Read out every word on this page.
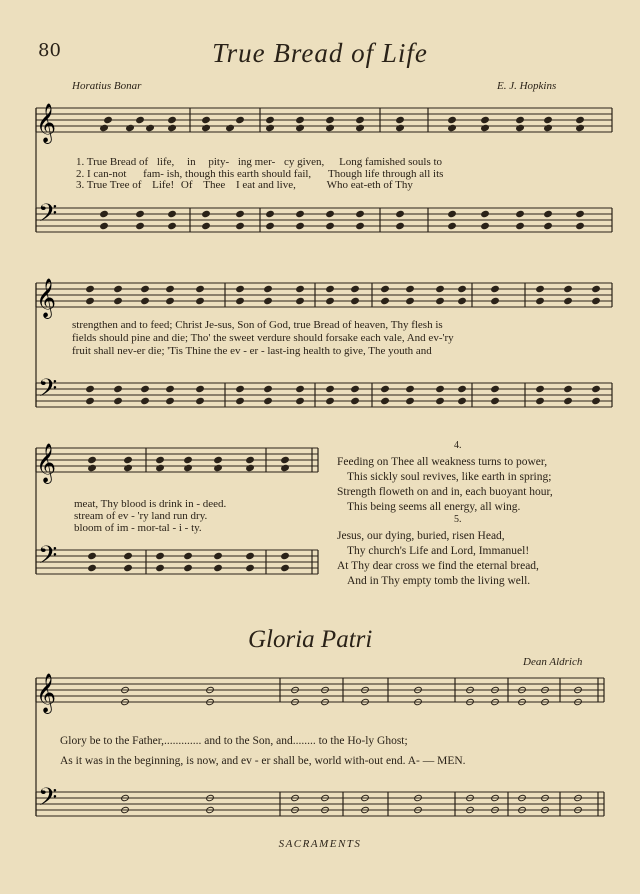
80	True Bread of Life
Horatius Bonar	E. J. Hopkins
𝄞
𝄢
𝄞
𝄢
𝄞
𝄢
𝄞
𝄢
1. True Bread of life, in pity- ing mer- cy given, Long famished souls to
2. I can-not fam- ish, though this earth should fail, Though life through all its
3. True Tree of Life! Of Thee I eat and live,	Who eat-eth of Thy
strengthen and to feed; Christ Je-sus, Son of God, true Bread of heaven, Thy flesh is
fields should pine and die; Tho' the sweet verdure should forsake each vale, And ev-'ry
fruit shall nev-er die; 'Tis Thine the ev - er - last-ing health to give, The youth and
meat, Thy blood is drink in - deed.
stream of ev - 'ry land run dry.
bloom of im - mor-tal - i - ty.
4.
Feeding on Thee all weakness turns to power,
This sickly soul revives, like earth in spring;
Strength floweth on and in, each buoyant hour,
This being seems all energy, all wing.
5.
Jesus, our dying, buried, risen Head,
Thy church's Life and Lord, Immanuel!
At Thy dear cross we find the eternal bread,
And in Thy empty tomb the living well.
Gloria Patri
Dean Aldrich
Glory be to the Father,............. and to the Son, and........ to the Ho-ly Ghost;
As it was in the beginning, is now, and ev - er shall be, world with-out end. A- — MEN.
SACRAMENTS
